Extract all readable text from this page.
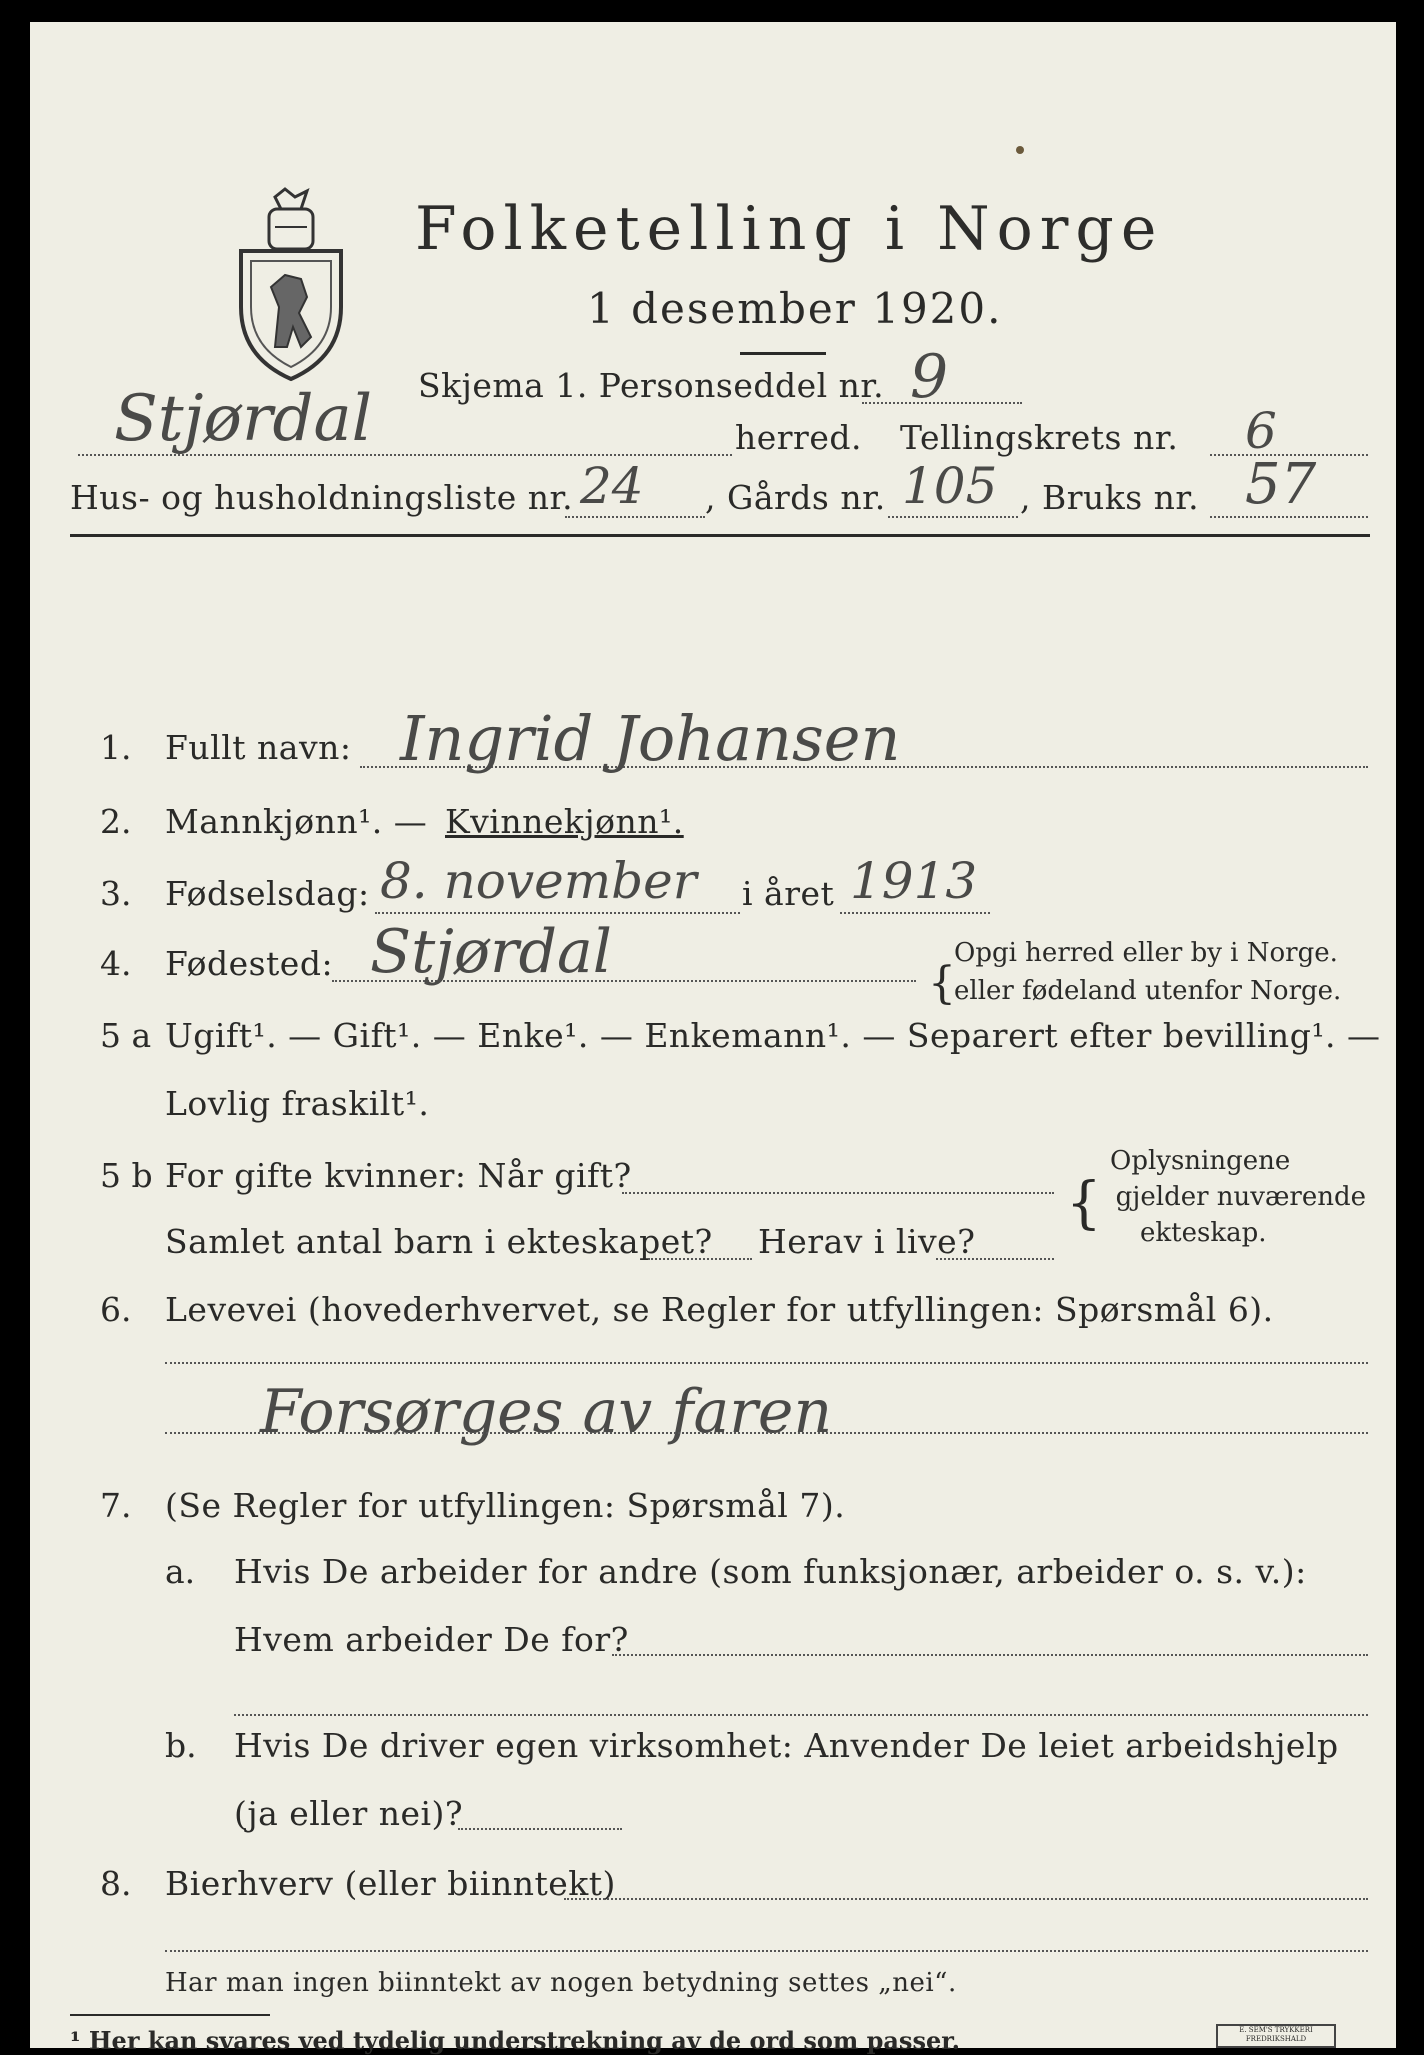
Folketelling i Norge
1 desember 1920.
Skjema 1. Personseddel nr. 9
Stjørdal	herred. Tellingskrets nr. 6
Hus- og husholdningsliste nr. 24 , Gårds nr. 105 , Bruks nr. 57
1. Fullt navn: Ingrid Johansen
2. Mannkjønn¹. — Kvinnekjønn¹.
3. Fødselsdag: 8. november i året 1913
4. Fødested: Stjørdal	{
Opgi herred eller by i Norge.
eller fødeland utenfor Norge.
5 a Ugift¹. — Gift¹. — Enke¹. — Enkemann¹. — Separert efter bevilling¹. —
Lovlig fraskilt¹.
5 b For gifte kvinner: Når gift?
Samlet antal barn i ekteskapet? Herav i live?
{
Oplysningene
gjelder nuværende
ekteskap.
6. Levevei (hovederhvervet, se Regler for utfyllingen: Spørsmål 6).
Forsørges av faren
7. (Se Regler for utfyllingen: Spørsmål 7).
a. Hvis De arbeider for andre (som funksjonær, arbeider o. s. v.):
Hvem arbeider De for?
b. Hvis De driver egen virksomhet: Anvender De leiet arbeidshjelp
(ja eller nei)?
8. Bierhverv (eller biinntekt)
Har man ingen biinntekt av nogen betydning settes „nei“.
¹ Her kan svares ved tydelig understrekning av de ord som passer.	E. SEM'S TRYKKERI FREDRIKSHALD
